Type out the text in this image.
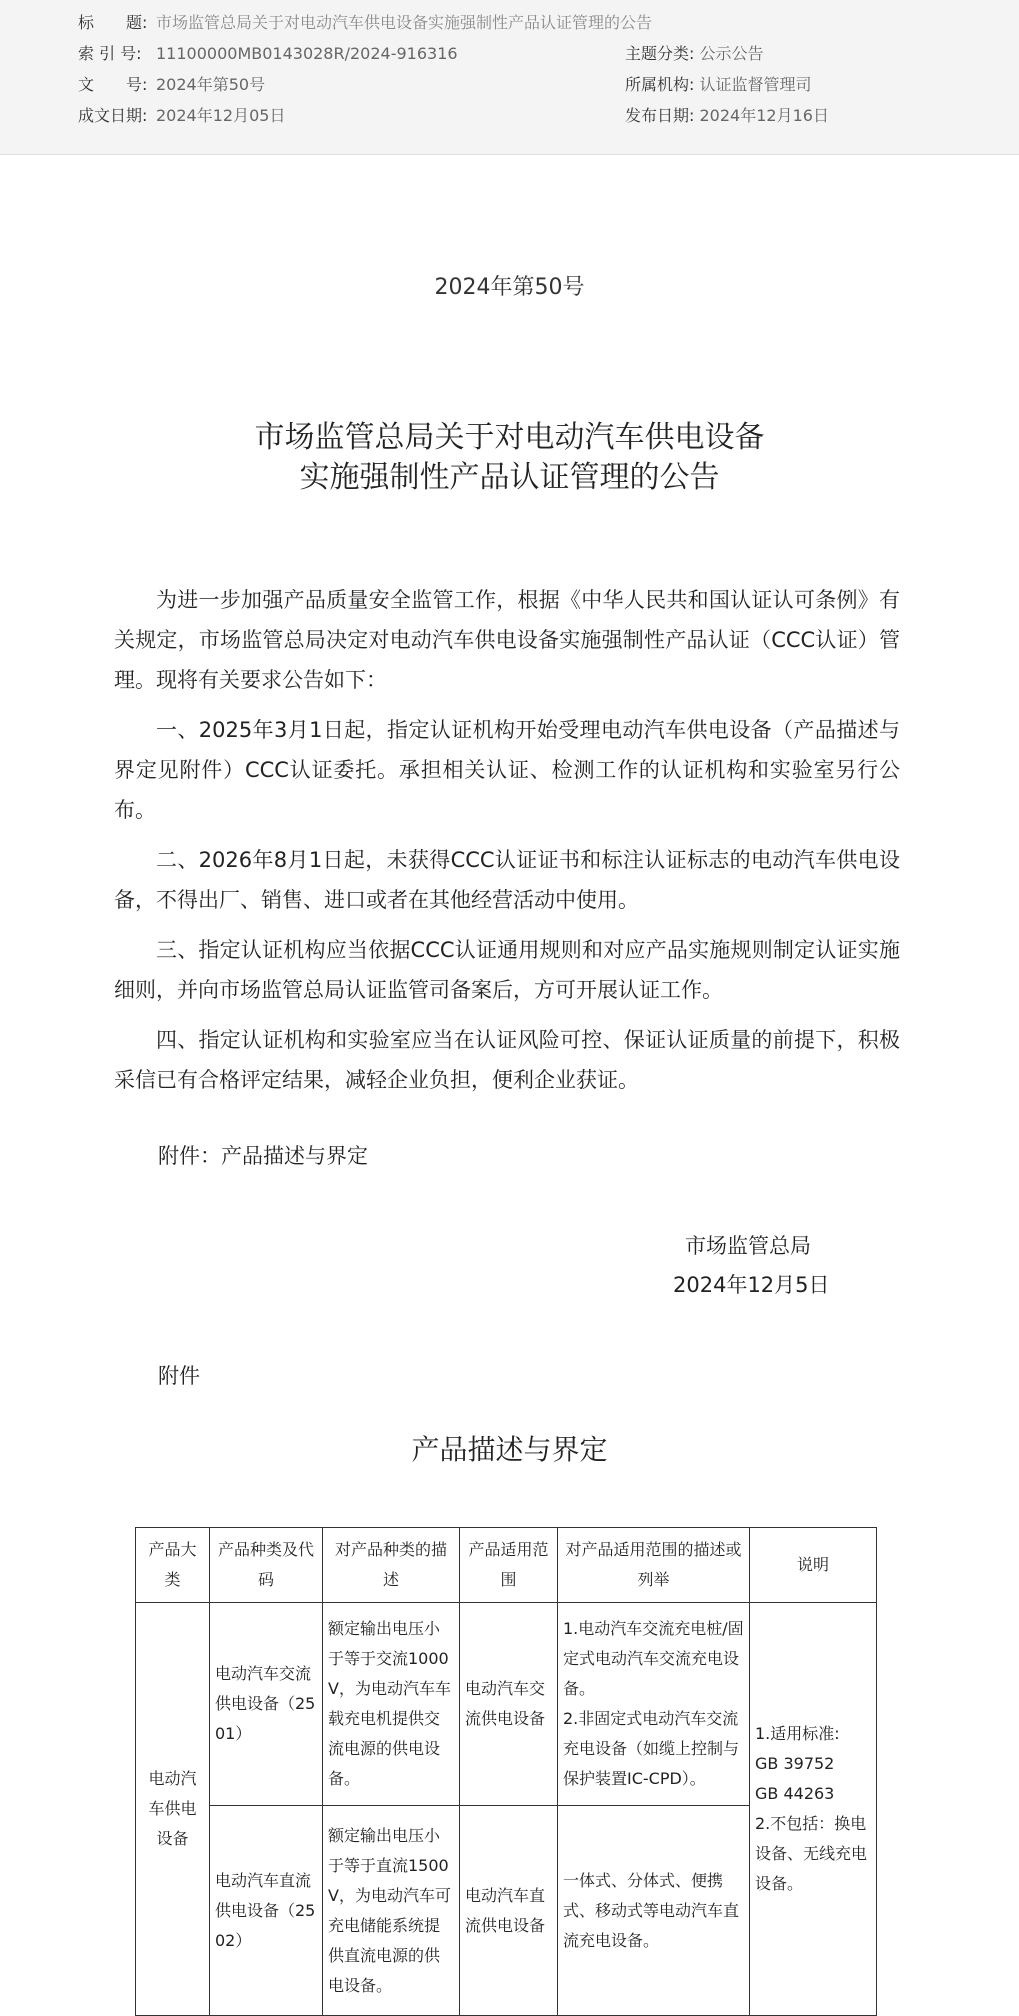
标　　题: 市场监管总局关于对电动汽车供电设备实施强制性产品认证管理的公告
索 引 号: 11100000MB0143028R/2024-916316	主题分类: 公示公告
文　　号: 2024年第50号	所属机构: 认证监督管理司
成文日期: 2024年12月05日	发布日期: 2024年12月16日
2024年第50号
市场监管总局关于对电动汽车供电设备
实施强制性产品认证管理的公告

为进一步加强产品质量安全监管工作，根据《中华人民共和国认证认可条例》有关规定，市场监管总局决定对电动汽车供电设备实施强制性产品认证（CCC认证）管理。现将有关要求公告如下：

一、2025年3月1日起，指定认证机构开始受理电动汽车供电设备（产品描述与界定见附件）CCC认证委托。承担相关认证、检测工作的认证机构和实验室另行公布。

二、2026年8月1日起，未获得CCC认证证书和标注认证标志的电动汽车供电设备，不得出厂、销售、进口或者在其他经营活动中使用。

三、指定认证机构应当依据CCC认证通用规则和对应产品实施规则制定认证实施细则，并向市场监管总局认证监管司备案后，方可开展认证工作。

四、指定认证机构和实验室应当在认证风险可控、保证认证质量的前提下，积极采信已有合格评定结果，减轻企业负担，便利企业获证。

附件：产品描述与界定
市场监管总局
2024年12月5日
附件
产品描述与界定
产品大类	产品种类及代码	对产品种类的描述	产品适用范围	对产品适用范围的描述或列举	说明
电动汽车供电设备	电动汽车交流供电设备（2501）	额定输出电压小于等于交流1000V，为电动汽车车载充电机提供交流电源的供电设备。	电动汽车交流供电设备	1.电动汽车交流充电桩/固定式电动汽车交流充电设备。
2.非固定式电动汽车交流充电设备（如缆上控制与保护装置IC-CPD）。	1.适用标准:
GB 39752
GB 44263
2.不包括：换电设备、无线充电设备。
	电动汽车直流供电设备（2502）	额定输出电压小于等于直流1500V，为电动汽车可充电储能系统提供直流电源的供电设备。	电动汽车直流供电设备	一体式、分体式、便携式、移动式等电动汽车直流充电设备。	
